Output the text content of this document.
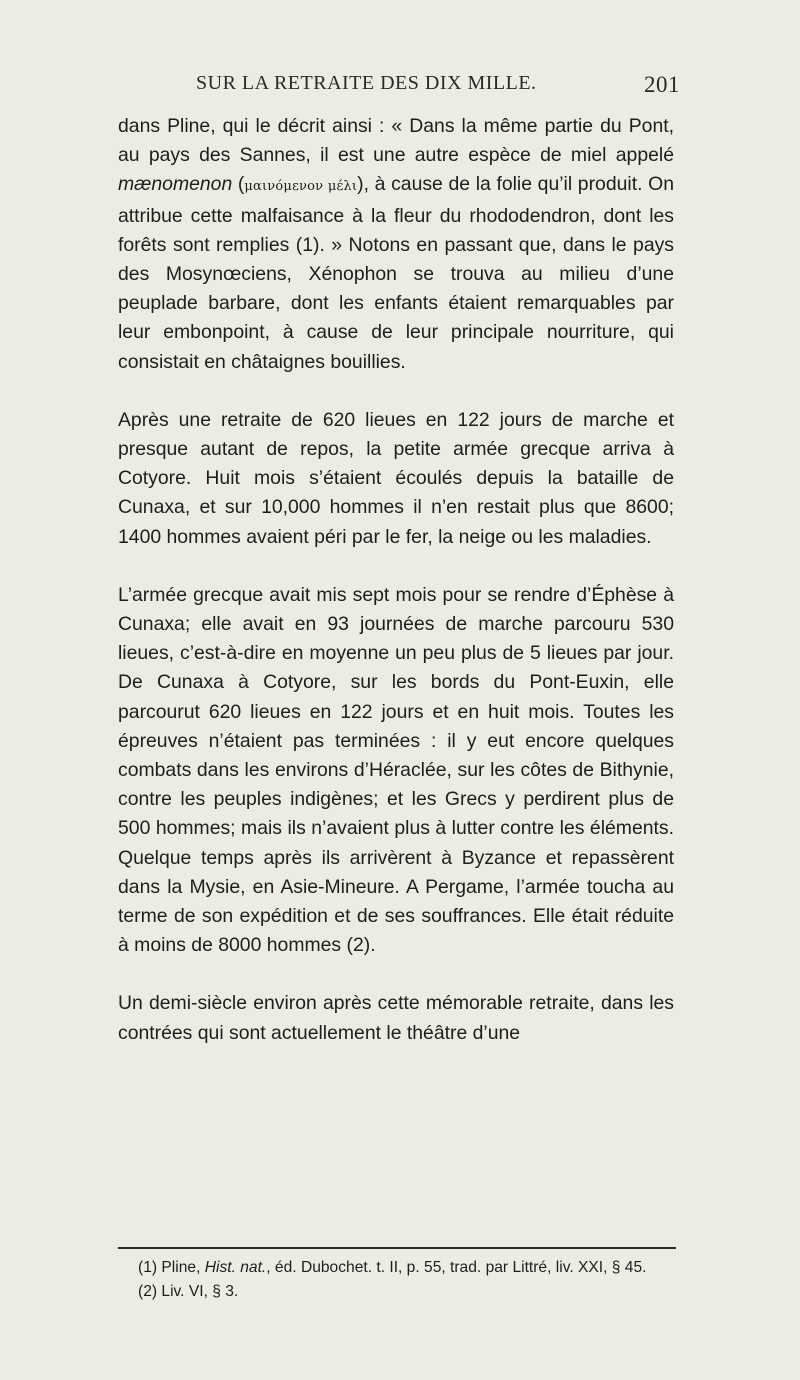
SUR LA RETRAITE DES DIX MILLE.	201

dans Pline, qui le décrit ainsi : « Dans la même partie du Pont, au pays des Sannes, il est une autre espèce de miel appelé mænomenon (μαινόμενον μέλι), à cause de la folie qu’il produit. On attribue cette malfaisance à la fleur du rhododendron, dont les forêts sont remplies (1). » Notons en passant que, dans le pays des Mosynœciens, Xénophon se trouva au milieu d’une peuplade barbare, dont les enfants étaient remarquables par leur embonpoint, à cause de leur principale nourriture, qui consistait en châtaignes bouillies.

Après une retraite de 620 lieues en 122 jours de marche et presque autant de repos, la petite armée grecque arriva à Cotyore. Huit mois s’étaient écoulés depuis la bataille de Cunaxa, et sur 10,000 hommes il n’en restait plus que 8600; 1400 hommes avaient péri par le fer, la neige ou les maladies.

L’armée grecque avait mis sept mois pour se rendre d’Éphèse à Cunaxa; elle avait en 93 journées de marche parcouru 530 lieues, c’est-à-dire en moyenne un peu plus de 5 lieues par jour. De Cunaxa à Cotyore, sur les bords du Pont-Euxin, elle parcourut 620 lieues en 122 jours et en huit mois. Toutes les épreuves n’étaient pas terminées : il y eut encore quelques combats dans les environs d’Héraclée, sur les côtes de Bithynie, contre les peuples indigènes; et les Grecs y perdirent plus de 500 hommes; mais ils n’avaient plus à lutter contre les éléments. Quelque temps après ils arrivèrent à Byzance et repassèrent dans la Mysie, en Asie-Mineure. A Pergame, l’armée toucha au terme de son expédition et de ses souffrances. Elle était réduite à moins de 8000 hommes (2).

Un demi-siècle environ après cette mémorable retraite, dans les contrées qui sont actuellement le théâtre d’une

(1) Pline, Hist. nat., éd. Dubochet. t. II, p. 55, trad. par Littré, liv. XXI, § 45.

(2) Liv. VI, § 3.
